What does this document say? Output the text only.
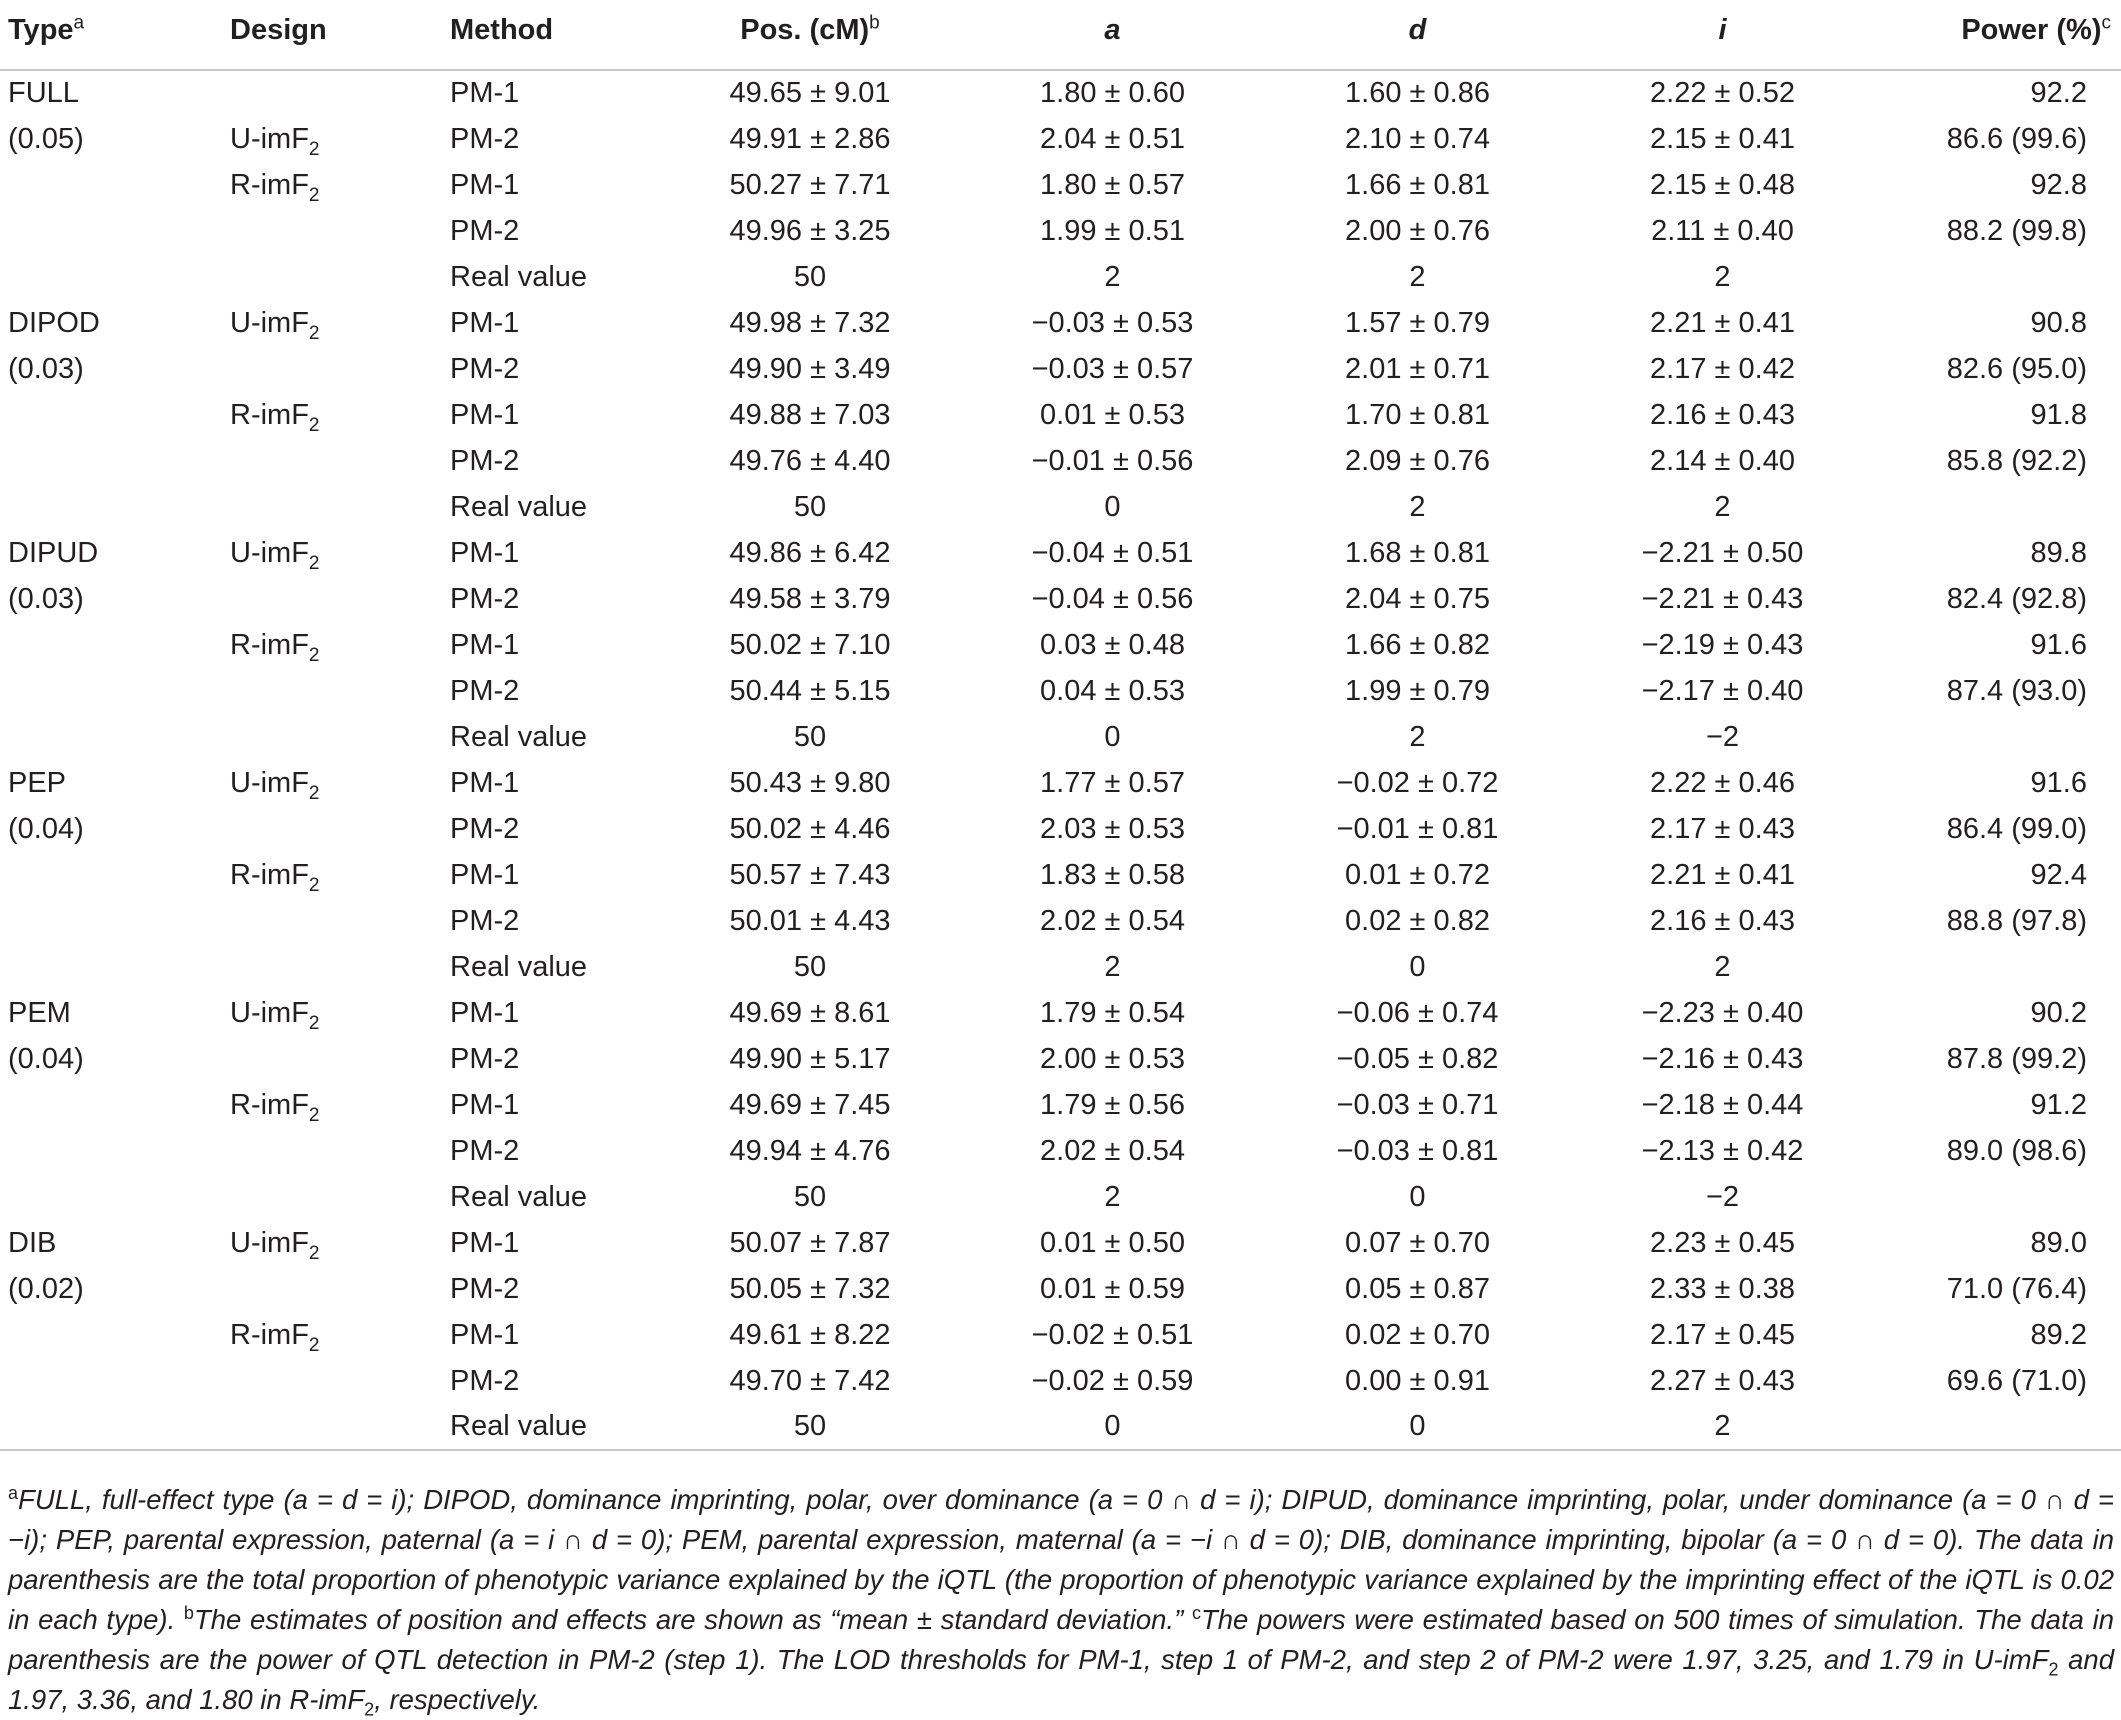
Type$^a$	Design	Method	Pos. (cM)$^b$	a	d	i	Power (%)$^c$
FULL		PM-1	49.65 ± 9.01	1.80 ± 0.60	1.60 ± 0.86	2.22 ± 0.52	92.2
(0.05)	U-imF$_2$	PM-2	49.91 ± 2.86	2.04 ± 0.51	2.10 ± 0.74	2.15 ± 0.41	86.6 (99.6)
	R-imF$_2$	PM-1	50.27 ± 7.71	1.80 ± 0.57	1.66 ± 0.81	2.15 ± 0.48	92.8
		PM-2	49.96 ± 3.25	1.99 ± 0.51	2.00 ± 0.76	2.11 ± 0.40	88.2 (99.8)
		Real value	50	2	2	2	
DIPOD	U-imF$_2$	PM-1	49.98 ± 7.32	−0.03 ± 0.53	1.57 ± 0.79	2.21 ± 0.41	90.8
(0.03)		PM-2	49.90 ± 3.49	−0.03 ± 0.57	2.01 ± 0.71	2.17 ± 0.42	82.6 (95.0)
	R-imF$_2$	PM-1	49.88 ± 7.03	0.01 ± 0.53	1.70 ± 0.81	2.16 ± 0.43	91.8
		PM-2	49.76 ± 4.40	−0.01 ± 0.56	2.09 ± 0.76	2.14 ± 0.40	85.8 (92.2)
		Real value	50	0	2	2	
DIPUD	U-imF$_2$	PM-1	49.86 ± 6.42	−0.04 ± 0.51	1.68 ± 0.81	−2.21 ± 0.50	89.8
(0.03)		PM-2	49.58 ± 3.79	−0.04 ± 0.56	2.04 ± 0.75	−2.21 ± 0.43	82.4 (92.8)
	R-imF$_2$	PM-1	50.02 ± 7.10	0.03 ± 0.48	1.66 ± 0.82	−2.19 ± 0.43	91.6
		PM-2	50.44 ± 5.15	0.04 ± 0.53	1.99 ± 0.79	−2.17 ± 0.40	87.4 (93.0)
		Real value	50	0	2	−2	
PEP	U-imF$_2$	PM-1	50.43 ± 9.80	1.77 ± 0.57	−0.02 ± 0.72	2.22 ± 0.46	91.6
(0.04)		PM-2	50.02 ± 4.46	2.03 ± 0.53	−0.01 ± 0.81	2.17 ± 0.43	86.4 (99.0)
	R-imF$_2$	PM-1	50.57 ± 7.43	1.83 ± 0.58	0.01 ± 0.72	2.21 ± 0.41	92.4
		PM-2	50.01 ± 4.43	2.02 ± 0.54	0.02 ± 0.82	2.16 ± 0.43	88.8 (97.8)
		Real value	50	2	0	2	
PEM	U-imF$_2$	PM-1	49.69 ± 8.61	1.79 ± 0.54	−0.06 ± 0.74	−2.23 ± 0.40	90.2
(0.04)		PM-2	49.90 ± 5.17	2.00 ± 0.53	−0.05 ± 0.82	−2.16 ± 0.43	87.8 (99.2)
	R-imF$_2$	PM-1	49.69 ± 7.45	1.79 ± 0.56	−0.03 ± 0.71	−2.18 ± 0.44	91.2
		PM-2	49.94 ± 4.76	2.02 ± 0.54	−0.03 ± 0.81	−2.13 ± 0.42	89.0 (98.6)
		Real value	50	2	0	−2	
DIB	U-imF$_2$	PM-1	50.07 ± 7.87	0.01 ± 0.50	0.07 ± 0.70	2.23 ± 0.45	89.0
(0.02)		PM-2	50.05 ± 7.32	0.01 ± 0.59	0.05 ± 0.87	2.33 ± 0.38	71.0 (76.4)
	R-imF$_2$	PM-1	49.61 ± 8.22	−0.02 ± 0.51	0.02 ± 0.70	2.17 ± 0.45	89.2
		PM-2	49.70 ± 7.42	−0.02 ± 0.59	0.00 ± 0.91	2.27 ± 0.43	69.6 (71.0)
		Real value	50	0	0	2	
$^a$FULL, full-effect type (a = d = i); DIPOD, dominance imprinting, polar, over dominance (a = 0 ∩ d = i); DIPUD, dominance imprinting, polar, under dominance (a = 0 ∩ d = −i); PEP, parental expression, paternal (a = i ∩ d = 0); PEM, parental expression, maternal (a = −i ∩ d = 0); DIB, dominance imprinting, bipolar (a = 0 ∩ d = 0). The data in parenthesis are the total proportion of phenotypic variance explained by the iQTL (the proportion of phenotypic variance explained by the imprinting effect of the iQTL is 0.02 in each type). $^b$The estimates of position and effects are shown as “mean ± standard deviation.” $^c$The powers were estimated based on 500 times of simulation. The data in parenthesis are the power of QTL detection in PM-2 (step 1). The LOD thresholds for PM-1, step 1 of PM-2, and step 2 of PM-2 were 1.97, 3.25, and 1.79 in U-imF$_2$ and 1.97, 3.36, and 1.80 in R-imF$_2$, respectively.
